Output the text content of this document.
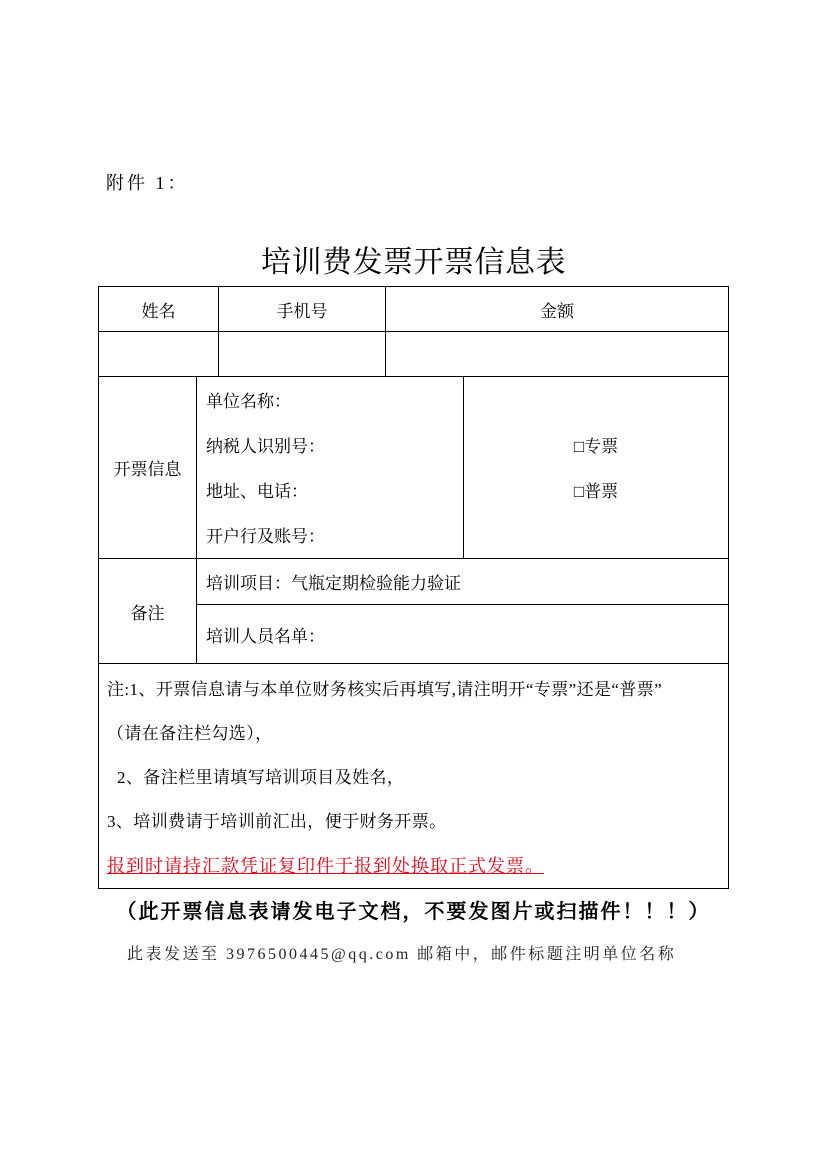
附件 1：
培训费发票开票信息表
姓名	手机号	金额
开票信息
单位名称：
纳税人识别号：
地址、电话：
开户行及账号：
□专票
□普票
备注
培训项目：气瓶定期检验能力验证
培训人员名单：
注:1、开票信息请与本单位财务核实后再填写,请注明开“专票”还是“普票”
（请在备注栏勾选），
2、备注栏里请填写培训项目及姓名，
3、培训费请于培训前汇出，便于财务开票。
报到时请持汇款凭证复印件于报到处换取正式发票。
（此开票信息表请发电子文档，不要发图片或扫描件！！！）
此表发送至 3976500445@qq.com 邮箱中，邮件标题注明单位名称
